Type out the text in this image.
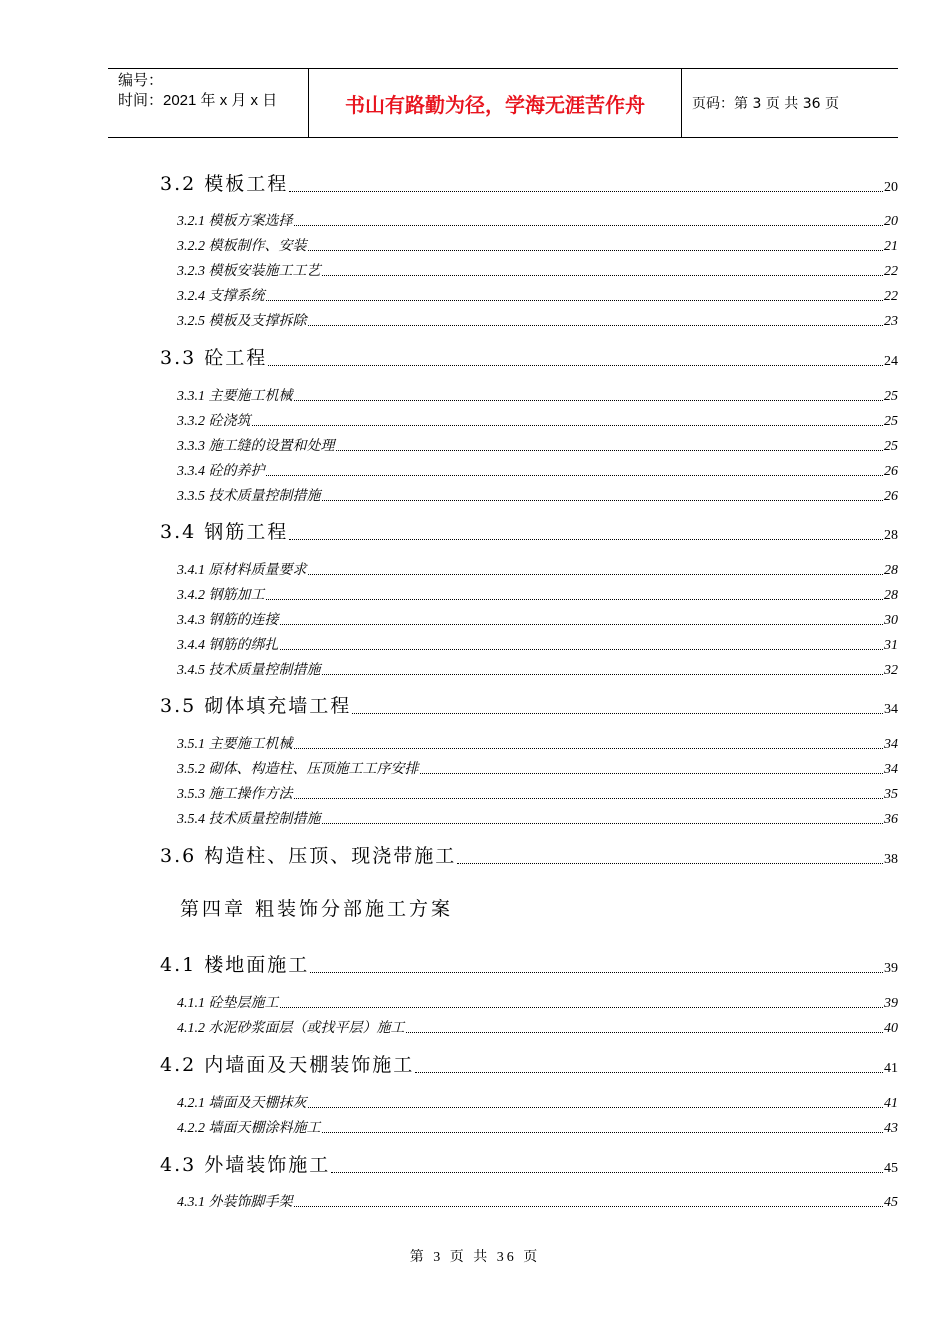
编号：
时间：2021 年 x 月 x 日	书山有路勤为径，学海无涯苦作舟	页码：第 3 页 共 36 页
3.2 模板工程	20
3.2.1 模板方案选择	20
3.2.2 模板制作、安装	21
3.2.3 模板安装施工工艺	22
3.2.4 支撑系统	22
3.2.5 模板及支撑拆除	23
3.3 砼工程	24
3.3.1 主要施工机械	25
3.3.2 砼浇筑	25
3.3.3 施工缝的设置和处理	25
3.3.4 砼的养护	26
3.3.5 技术质量控制措施	26
3.4 钢筋工程	28
3.4.1 原材料质量要求	28
3.4.2 钢筋加工	28
3.4.3 钢筋的连接	30
3.4.4 钢筋的绑扎	31
3.4.5 技术质量控制措施	32
3.5 砌体填充墙工程	34
3.5.1 主要施工机械	34
3.5.2 砌体、构造柱、压顶施工工序安排	34
3.5.3 施工操作方法	35
3.5.4 技术质量控制措施	36
3.6 构造柱、压顶、现浇带施工	38
第四章 粗装饰分部施工方案
4.1 楼地面施工	39
4.1.1 砼垫层施工	39
4.1.2 水泥砂浆面层（或找平层）施工	40
4.2 内墙面及天棚装饰施工	41
4.2.1 墙面及天棚抹灰	41
4.2.2 墙面天棚涂料施工	43
4.3 外墙装饰施工	45
4.3.1 外装饰脚手架	45
第 3 页 共 36 页
